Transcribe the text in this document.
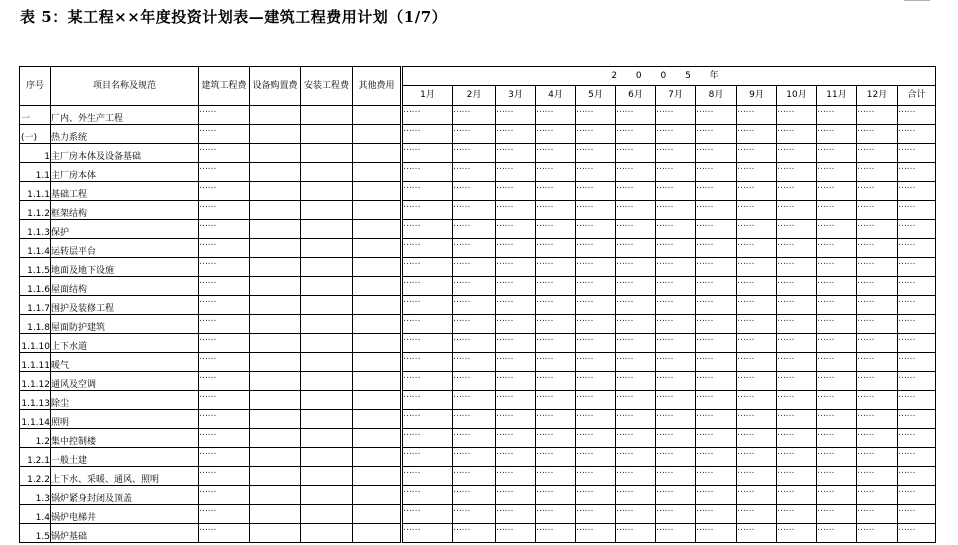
表 5：某工程××年度投资计划表—建筑工程费用计划（1/7）
序号	项目名称及规范	建筑工程费	设备购置费	安装工程费	其他费用		2 0 0 5 年												
							1月	2月	3月	4月	5月	6月	7月	8月	9月	10月	11月	12月	合计
一	厂内、外生产工程	……					……	……	……	……	……	……	……	……	……	……	……	……	……
(一)	热力系统	……					……	……	……	……	……	……	……	……	……	……	……	……	……
1	主厂房本体及设备基础	……					……	……	……	……	……	……	……	……	……	……	……	……	……
1.1	主厂房本体	……					……	……	……	……	……	……	……	……	……	……	……	……	……
1.1.1	基础工程	……					……	……	……	……	……	……	……	……	……	……	……	……	……
1.1.2	框架结构	……					……	……	……	……	……	……	……	……	……	……	……	……	……
1.1.3	保护	……					……	……	……	……	……	……	……	……	……	……	……	……	……
1.1.4	运转层平台	……					……	……	……	……	……	……	……	……	……	……	……	……	……
1.1.5	地面及地下设施	……					……	……	……	……	……	……	……	……	……	……	……	……	……
1.1.6	屋面结构	……					……	……	……	……	……	……	……	……	……	……	……	……	……
1.1.7	围护及装修工程	……					……	……	……	……	……	……	……	……	……	……	……	……	……
1.1.8	屋面防护建筑	……					……	……	……	……	……	……	……	……	……	……	……	……	……
1.1.10	上下水道	……					……	……	……	……	……	……	……	……	……	……	……	……	……
1.1.11	暖气	……					……	……	……	……	……	……	……	……	……	……	……	……	……
1.1.12	通风及空调	……					……	……	……	……	……	……	……	……	……	……	……	……	……
1.1.13	除尘	……					……	……	……	……	……	……	……	……	……	……	……	……	……
1.1.14	照明	……					……	……	……	……	……	……	……	……	……	……	……	……	……
1.2	集中控制楼	……					……	……	……	……	……	……	……	……	……	……	……	……	……
1.2.1	一般土建	……					……	……	……	……	……	……	……	……	……	……	……	……	……
1.2.2	上下水、采暖、通风、照明	……					……	……	……	……	……	……	……	……	……	……	……	……	……
1.3	锅炉紧身封闭及顶盖	……					……	……	……	……	……	……	……	……	……	……	……	……	……
1.4	锅炉电梯井	……					……	……	……	……	……	……	……	……	……	……	……	……	……
1.5	锅炉基础	……					……	……	……	……	……	……	……	……	……	……	……	……	……
